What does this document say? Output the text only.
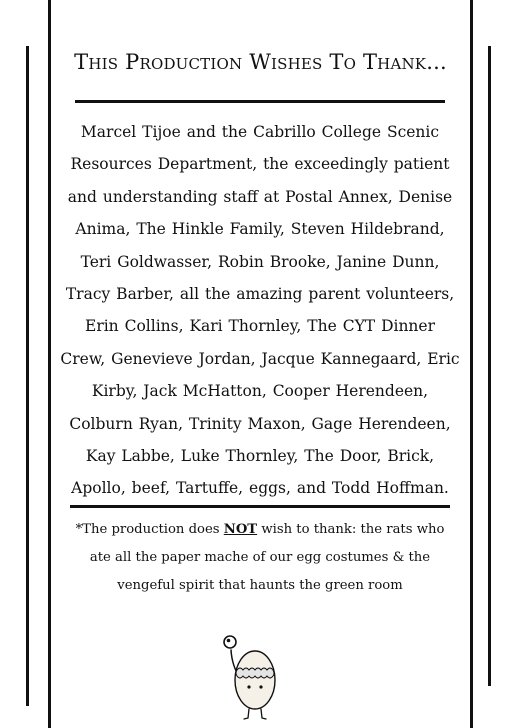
This Production Wishes To Thank...
Marcel Tijoe and the Cabrillo College Scenic Resources Department, the exceedingly patient and understanding staff at Postal Annex, Denise Anima, The Hinkle Family, Steven Hildebrand, Teri Goldwasser, Robin Brooke, Janine Dunn, Tracy Barber, all the amazing parent volunteers, Erin Collins, Kari Thornley, The CYT Dinner Crew, Genevieve Jordan, Jacque Kannegaard, Eric Kirby, Jack McHatton, Cooper Herendeen, Colburn Ryan, Trinity Maxon, Gage Herendeen, Kay Labbe, Luke Thornley, The Door, Brick, Apollo, beef, Tartuffe, eggs, and Todd Hoffman.
*The production does NOT wish to thank: the rats who ate all the paper mache of our egg costumes & the vengeful spirit that haunts the green room
